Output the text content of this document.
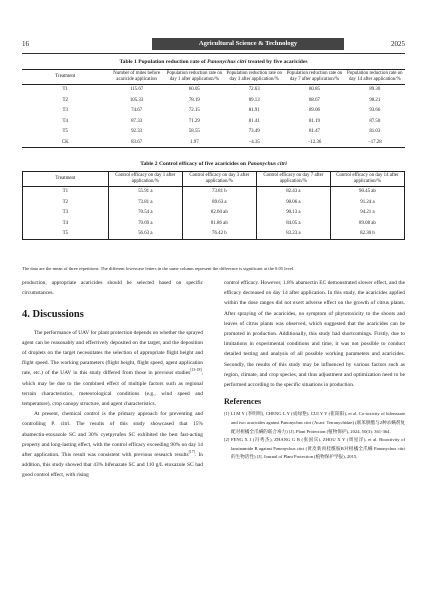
16	Agricultural Science & Technology	2025
Table 1 Population reduction rate of Panonychus citri treated by five acaricides
Treatment	Number of mites before acaricide application	Population reduction rate on day 1 after application/%	Population reduction rate on day 3 after application/%	Population reduction rate on day 7 after application/%	Population reduction rate on day 14 after application/%
T1	115.67	60.05	72.63	80.85	89.30
T2	105.33	78.19	89.13	88.67	90.21
T3	74.67	72.15	81.91	89.06	93.66
T4	87.33	71.29	81.41	81.19	87.50
T5	92.33	58.55	73.49	81.47	81.03
CK	83.67	1.97	−4.35	−12.36	−17.28
Table 2 Control efficacy of five acaricides on Panonychus citri
Treatment	Control efficacy on day 1 after application/%	Control efficacy on day 3 after application/%	Control efficacy on day 7 after application/%	Control efficacy on day 14 after application/%
T1	55.91 a	73.81 b	82.43 a	90.45 ab
T2	73.81 a	89.63 a	90.06 a	91.24 a
T3	70.54 a	82.60 ab	90.13 a	94.21 a
T4	70.69 a	81.86 ab	84.05 a	89.08 ab
T5	56.63 a	76.42 b	83.23 a	82.30 b
The data are the mean of three repetitions. The different lowercase letters in the same column represent the difference is significant at the 0.05 level.

production, appropriate acaricides should be selected based on specific circumstances.

4. Discussions

The performance of UAV for plant protection depends on whether the sprayed agent can be reasonably and effectively deposited on the target, and the deposition of droplets on the target necessitates the selection of appropriate flight height and flight speed. The working parameters (flight height, flight speed, agent application rate, etc.) of the UAV in this study differed from those in previous studies[13-18], which may be due to the combined effect of multiple factors such as regional terrain characteristics, meteorological conditions (e.g., wind speed and temperature), crop canopy structure, and agent characteristics.

At present, chemical control is the primary approach for preventing and controlling P. citri. The results of this study showcased that 15% abamectin·etoxazole SC and 30% cyetpyrafen SC exhibited the best fast-acting property and long-lasting effect, with the control efficacy exceeding 90% on day 14 after application. This result was consistent with previous research results[17]. In addition, this study showed that 43% bifenazate SC and 110 g/L etoxazole SC had good control effect, with rising

control efficacy. However, 1.8% abamectin EC demonstrated slower effect, and the efficacy decreased on day 14 after application. In this study, the acaricides applied within the dose ranges did not exert adverse effect on the growth of citrus plants. After spraying of the acaricides, no symptom of phytotoxicity to the shoots and leaves of citrus plants was observed, which suggested that the acaricides can be promoted in production. Additionally, this study had shortcomings. Firstly, due to limitations in experimental conditions and time, it was not possible to conduct detailed testing and analysis of all possible working parameters and acaricides. Secondly, the results of this study may be influenced by various factors such as region, climate, and crop species, and thus adjustment and optimization need to be performed according to the specific situations in production.

References

[1] LI M Y (李明明), CHENG L Y (成绿艳), CUI Y Y (崔阳阳), et al. Co-toxicity of bifenazate and two acaricides against Panonychus citri (Acari: Tetranychidae) (联苯肼酯与2种杀螨剂复配对柑橘全爪螨的联合毒力) [J]. Plant Protection (植物保护), 2024, 50(3): 361-364.

[2] FENG X J (冯秀杰), ZHANG G B (张国宾), ZHOU X Y (周星洋), et al. Bioactivity of lansinamide B against Panonychus citri (黄皮新肉桂酰胺B对柑橘全爪螨 Panonychus citri 的生物活性) [J]. Journal of Plant Protection (植物保护学报), 2015,
